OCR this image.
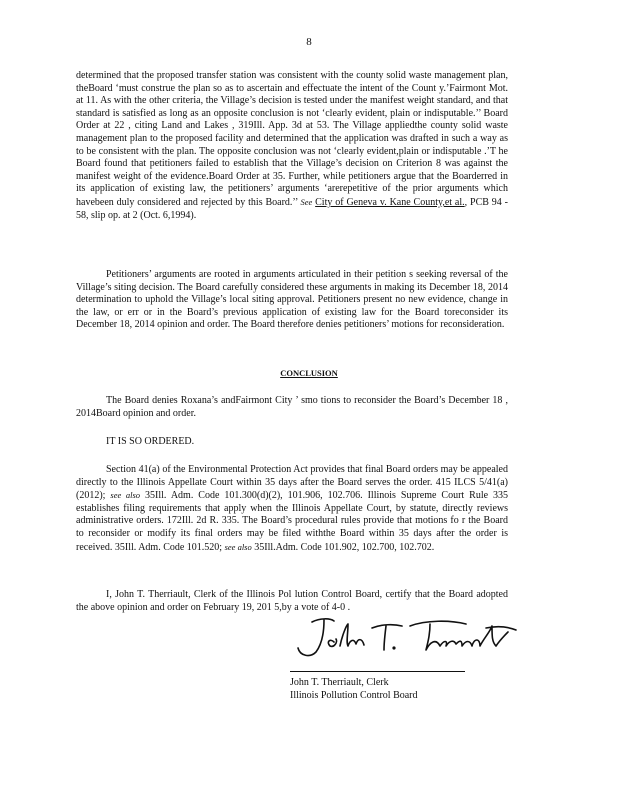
8

determined that the proposed transfer station was consistent with the county solid waste management plan, theBoard ‘must construe the plan so as to ascertain and effectuate the intent of the Count y.’Fairmont Mot. at 11. As with the other criteria, the Village’s decision is tested under the manifest weight standard, and that standard is satisfied as long as an opposite conclusion is not ‘clearly evident, plain or indisputable.’’ Board Order at 22 , citing Land and Lakes , 319Ill. App. 3d at 53. The Village appliedthe county solid waste management plan to the proposed facility and determined that the application was drafted in such a way as to be consistent with the plan. The opposite conclusion was not ‘clearly evident,plain or indisputable .’T he Board found that petitioners failed to establish that the Village’s decision on Criterion 8 was against the manifest weight of the evidence.Board Order at 35. Further, while petitioners argue that the Boarderred in its application of existing law, the petitioners’ arguments ‘arerepetitive of the prior arguments which havebeen duly considered and rejected by this Board.’’ See City of Geneva v. Kane County,et al., PCB 94 - 58, slip op. at 2 (Oct. 6,1994).

Petitioners’ arguments are rooted in arguments articulated in their petition s seeking reversal of the Village’s siting decision. The Board carefully considered these arguments in making its December 18, 2014 determination to uphold the Village’s local siting approval. Petitioners present no new evidence, change in the law, or err or in the Board’s previous application of existing law for the Board toreconsider its December 18, 2014 opinion and order. The Board therefore denies petitioners’ motions for reconsideration.

CONCLUSION

The Board denies Roxana’s andFairmont City ’ smo tions to reconsider the Board’s December 18 , 2014Board opinion and order.

IT IS SO ORDERED.

Section 41(a) of the Environmental Protection Act provides that final Board orders may be appealed directly to the Illinois Appellate Court within 35 days after the Board serves the order. 415 ILCS 5/41(a) (2012); see also 35Ill. Adm. Code 101.300(d)(2), 101.906, 102.706. Illinois Supreme Court Rule 335 establishes filing requirements that apply when the Illinois Appellate Court, by statute, directly reviews administrative orders. 172Ill. 2d R. 335. The Board’s procedural rules provide that motions fo r the Board to reconsider or modify its final orders may be filed withthe Board within 35 days after the order is received. 35Ill. Adm. Code 101.520; see also 35Ill.Adm. Code 101.902, 102.700, 102.702.

I, John T. Therriault, Clerk of the Illinois Pol lution Control Board, certify that the Board adopted the above opinion and order on February 19, 201 5,by a vote of 4-0 .

John T. Therriault, Clerk
Illinois Pollution Control Board
